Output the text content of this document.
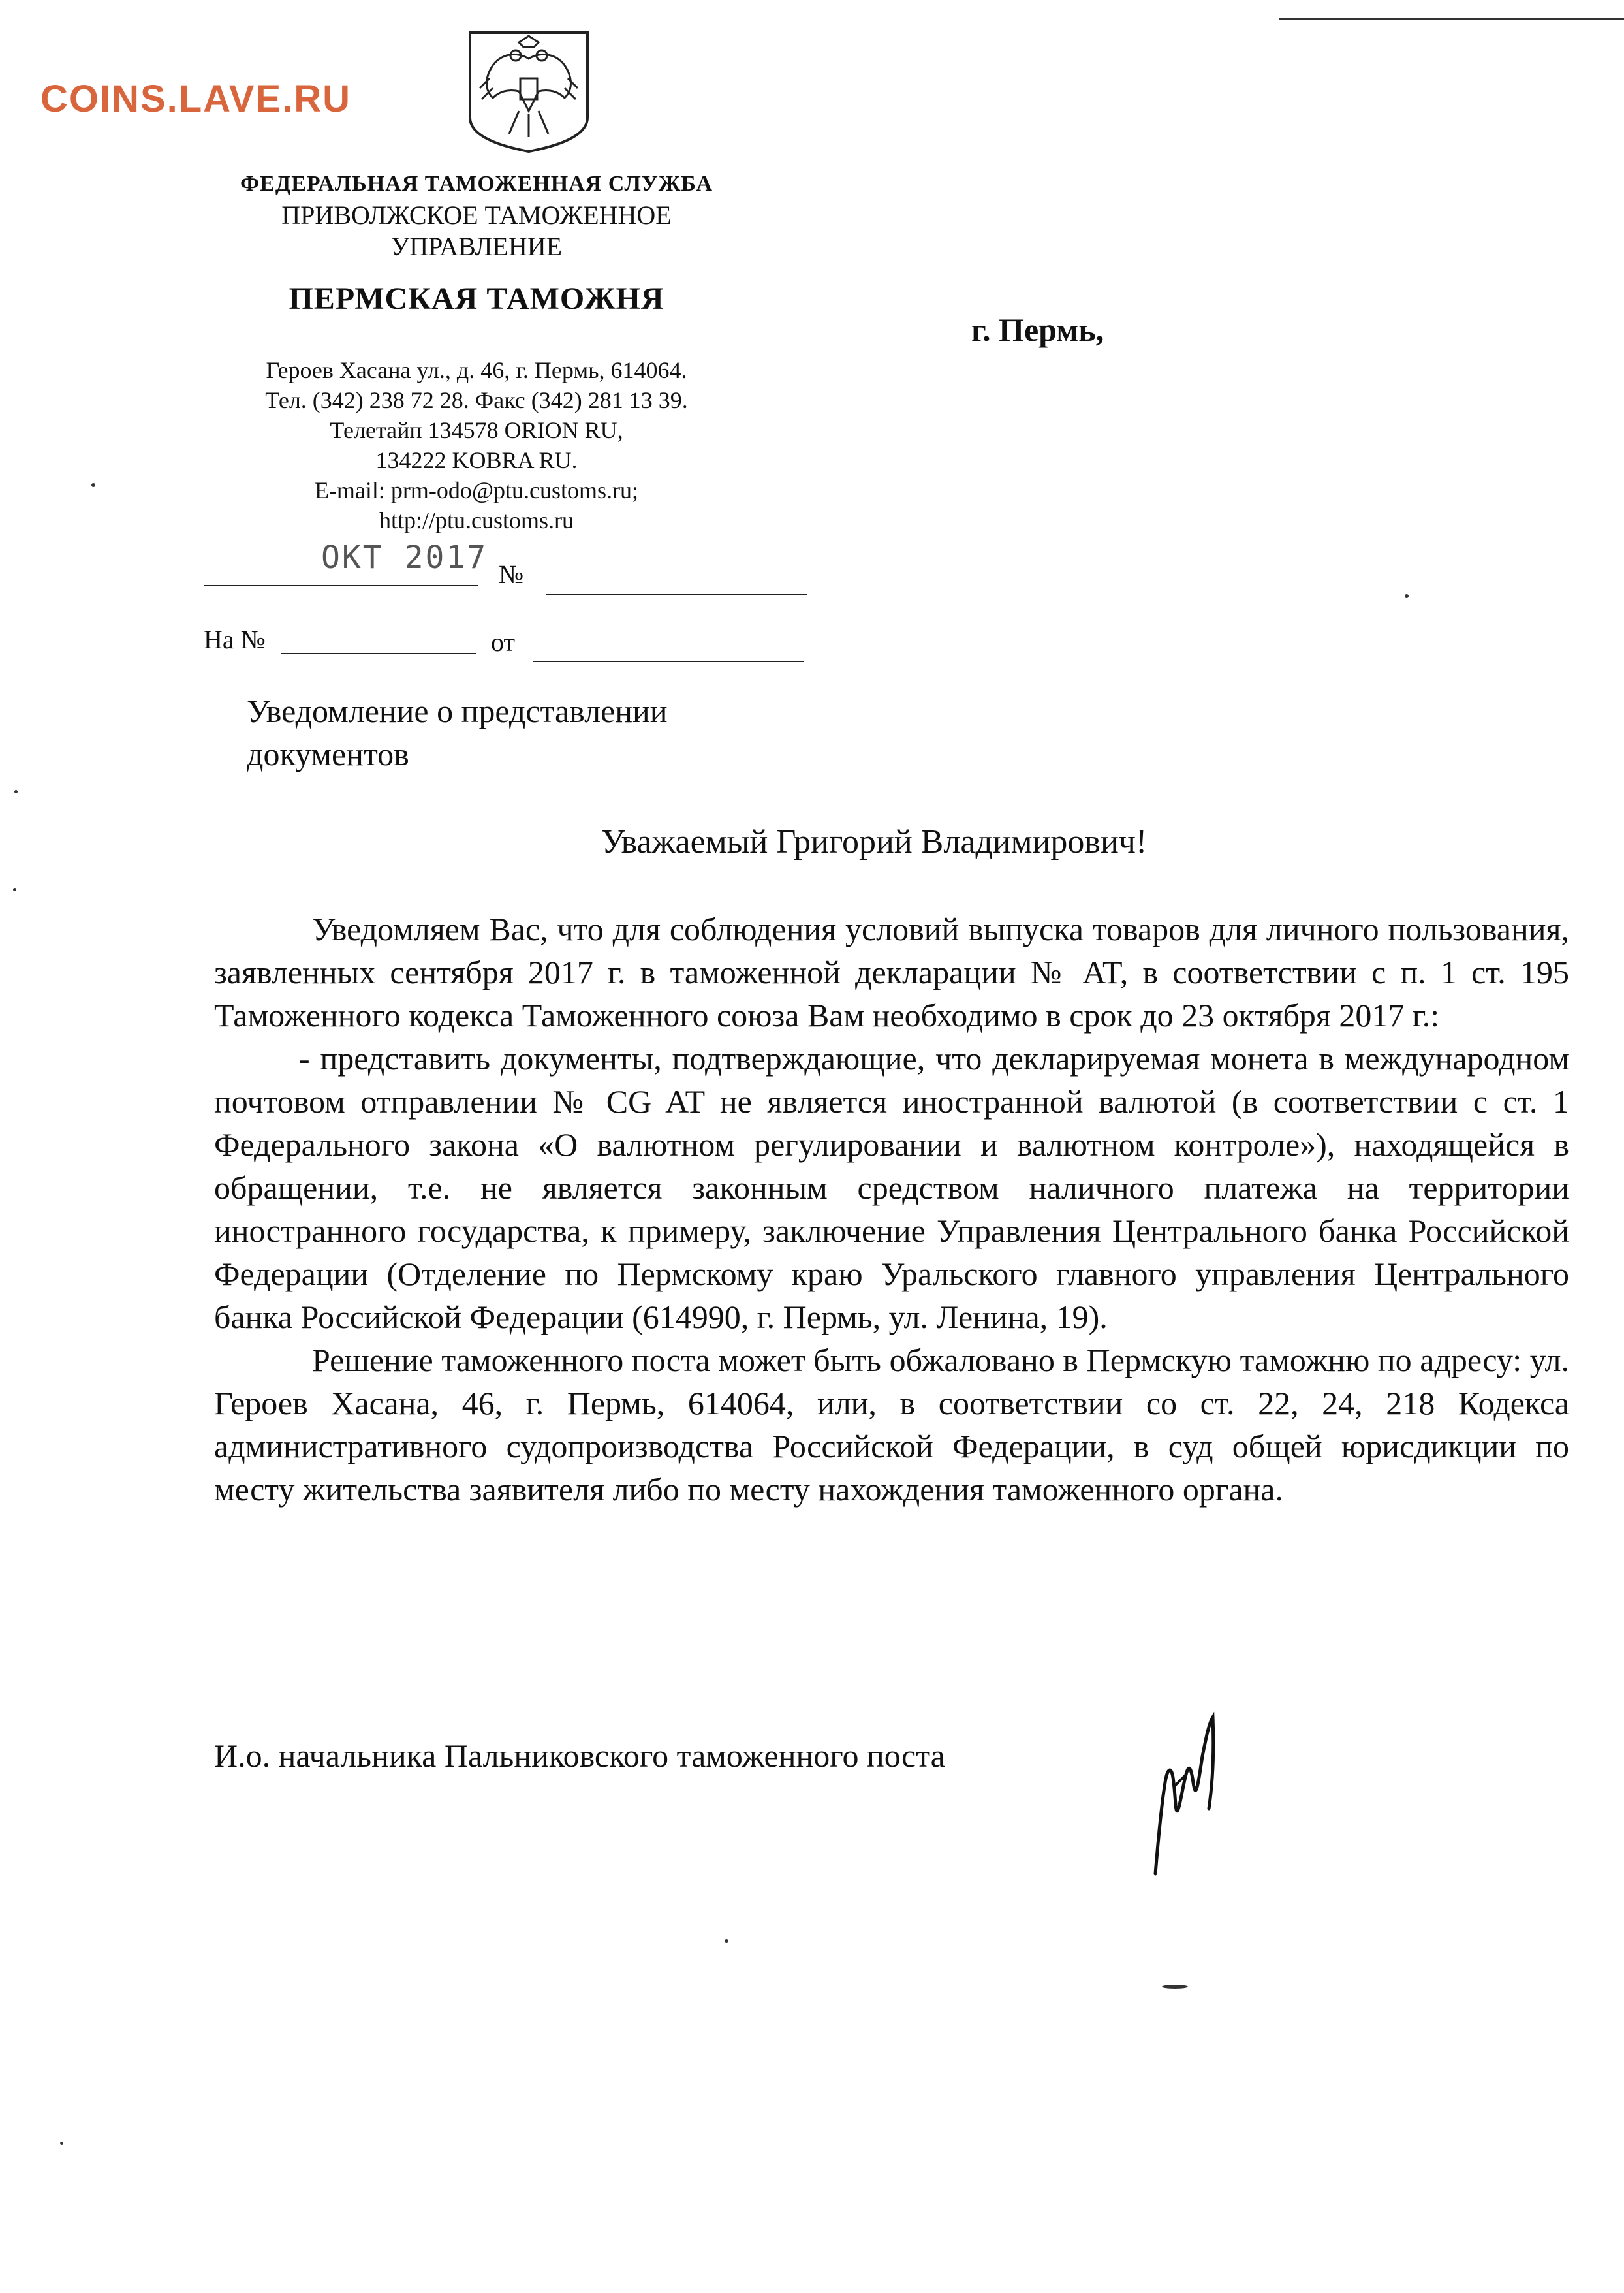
COINS.LAVE.RU
ФЕДЕРАЛЬНАЯ ТАМОЖЕННАЯ СЛУЖБА
ПРИВОЛЖСКОЕ ТАМОЖЕННОЕ
УПРАВЛЕНИЕ
ПЕРМСКАЯ ТАМОЖНЯ
Героев Хасана ул., д. 46, г. Пермь, 614064.
Тел. (342) 238 72 28. Факс (342) 281 13 39.
Телетайп 134578 ORION RU,
134222 KOBRA RU.
E-mail: prm-odo@ptu.customs.ru;
http://ptu.customs.ru
г. Пермь,
ОКТ 2017 №
На №	от
Уведомление о представлении
документов
Уважаемый Григорий Владимирович!

Уведомляем Вас, что для соблюдения условий выпуска товаров для личного пользования, заявленных сентября 2017 г. в таможенной декларации № AT, в соответствии с п. 1 ст. 195 Таможенного кодекса Таможенного союза Вам необходимо в срок до 23 октября 2017 г.:

- представить документы, подтверждающие, что декларируемая монета в международном почтовом отправлении № CG AT не является иностранной валютой (в соответствии с ст. 1 Федерального закона «О валютном регулировании и валютном контроле»), находящейся в обращении, т.е. не является законным средством наличного платежа на территории иностранного государства, к примеру, заключение Управления Центрального банка Российской Федерации (Отделение по Пермскому краю Уральского главного управления Центрального банка Российской Федерации (614990, г. Пермь, ул. Ленина, 19).

Решение таможенного поста может быть обжаловано в Пермскую таможню по адресу: ул. Героев Хасана, 46, г. Пермь, 614064, или, в соответствии со ст. 22, 24, 218 Кодекса административного судопроизводства Российской Федерации, в суд общей юрисдикции по месту жительства заявителя либо по месту нахождения таможенного органа.

И.о. начальника Пальниковского таможенного поста
